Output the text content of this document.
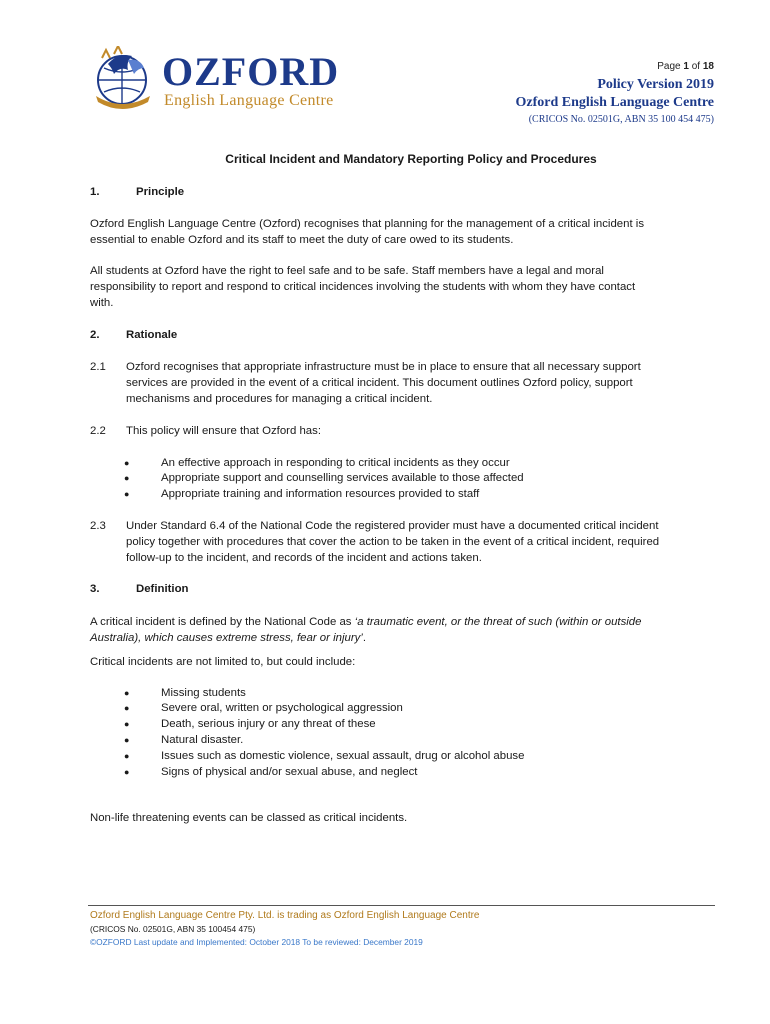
OZFORD
English Language Centre
Page 1 of 18
Policy Version 2019
Ozford English Language Centre
(CRICOS No. 02501G, ABN 35 100 454 475)
Critical Incident and Mandatory Reporting Policy and Procedures
1.	Principle
Ozford English Language Centre (Ozford) recognises that planning for the management of a critical incident is
essential to enable Ozford and its staff to meet the duty of care owed to its students.
All students at Ozford have the right to feel safe and to be safe. Staff members have a legal and moral
responsibility to report and respond to critical incidences involving the students with whom they have contact
with.
2. Rationale
2.1 Ozford recognises that appropriate infrastructure must be in place to ensure that all necessary support
services are provided in the event of a critical incident. This document outlines Ozford policy, support
mechanisms and procedures for managing a critical incident.
2.2 This policy will ensure that Ozford has:
●	An effective approach in responding to critical incidents as they occur
●	Appropriate support and counselling services available to those affected
●	Appropriate training and information resources provided to staff
2.3 Under Standard 6.4 of the National Code the registered provider must have a documented critical incident
policy together with procedures that cover the action to be taken in the event of a critical incident, required
follow-up to the incident, and records of the incident and actions taken.
3.	Definition
A critical incident is defined by the National Code as ‘a traumatic event, or the threat of such (within or outside
Australia), which causes extreme stress, fear or injury’.
Critical incidents are not limited to, but could include:
●	Missing students
●	Severe oral, written or psychological aggression
●	Death, serious injury or any threat of these
●	Natural disaster.
●	Issues such as domestic violence, sexual assault, drug or alcohol abuse
●	Signs of physical and/or sexual abuse, and neglect
Non-life threatening events can be classed as critical incidents.
Ozford English Language Centre Pty. Ltd. is trading as Ozford English Language Centre
(CRICOS No. 02501G, ABN 35 100454 475)
©OZFORD Last update and Implemented: October 2018 To be reviewed: December 2019
